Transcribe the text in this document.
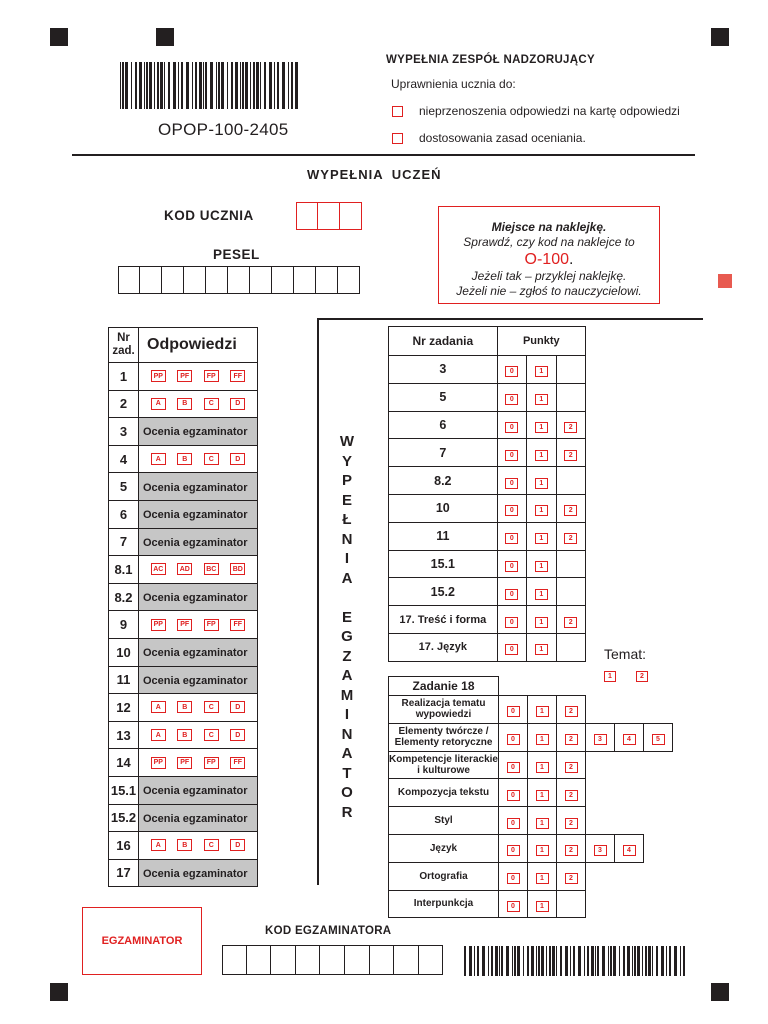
OPOP-100-2405
WYPEŁNIA ZESPÓŁ NADZORUJĄCY
Uprawnienia ucznia do:
nieprzenoszenia odpowiedzi na kartę odpowiedzi
dostosowania zasad oceniania.
WYPEŁNIA UCZEŃ
KOD UCZNIA
PESEL
Miejsce na naklejkę.
Sprawdź, czy kod na naklejce to
O-100.
Jeżeli tak – przyklej naklejkę.
Jeżeli nie – zgłoś to nauczycielowi.
Nr zad.	Odpowiedzi
1	PP PF FP FF

2	A B C D

3	Ocenia egzaminator
4	A B C D

5	Ocenia egzaminator
6	Ocenia egzaminator
7	Ocenia egzaminator
8.1	AC AD BC BD

8.2	Ocenia egzaminator
9	PP PF FP FF

10	Ocenia egzaminator
11	Ocenia egzaminator
12	A B C D

13	A B C D

14	PP PF FP FF

15.1	Ocenia egzaminator
15.2	Ocenia egzaminator
16	A B C D

17	Ocenia egzaminator
W
Y
P
E
Ł
N
I
A
E
G
Z
A
M
I
N
A
T
O
R
Nr zadania	Punkty		
3	0	1	
5	0	1	
6	0	1	2
7	0	1	2
8.2	0	1	
10	0	1	2
11	0	1	2
15.1	0	1	
15.2	0	1	
17. Treść i forma	0	1	2
17. Język	0	1		Temat:
1	2
Zadanie 18						
Realizacja tematu wypowiedzi	0	1	2			
Elementy twórcze / Elementy retoryczne	0	1	2	3	4	5
Kompetencje literackie i kulturowe	0	1	2			
Kompozycja tekstu	0	1	2			
Styl	0	1	2			
Język	0	1	2	3	4	
Ortografia	0	1	2			
Interpunkcja	0	1				
EGZAMINATOR
KOD EGZAMINATORA
